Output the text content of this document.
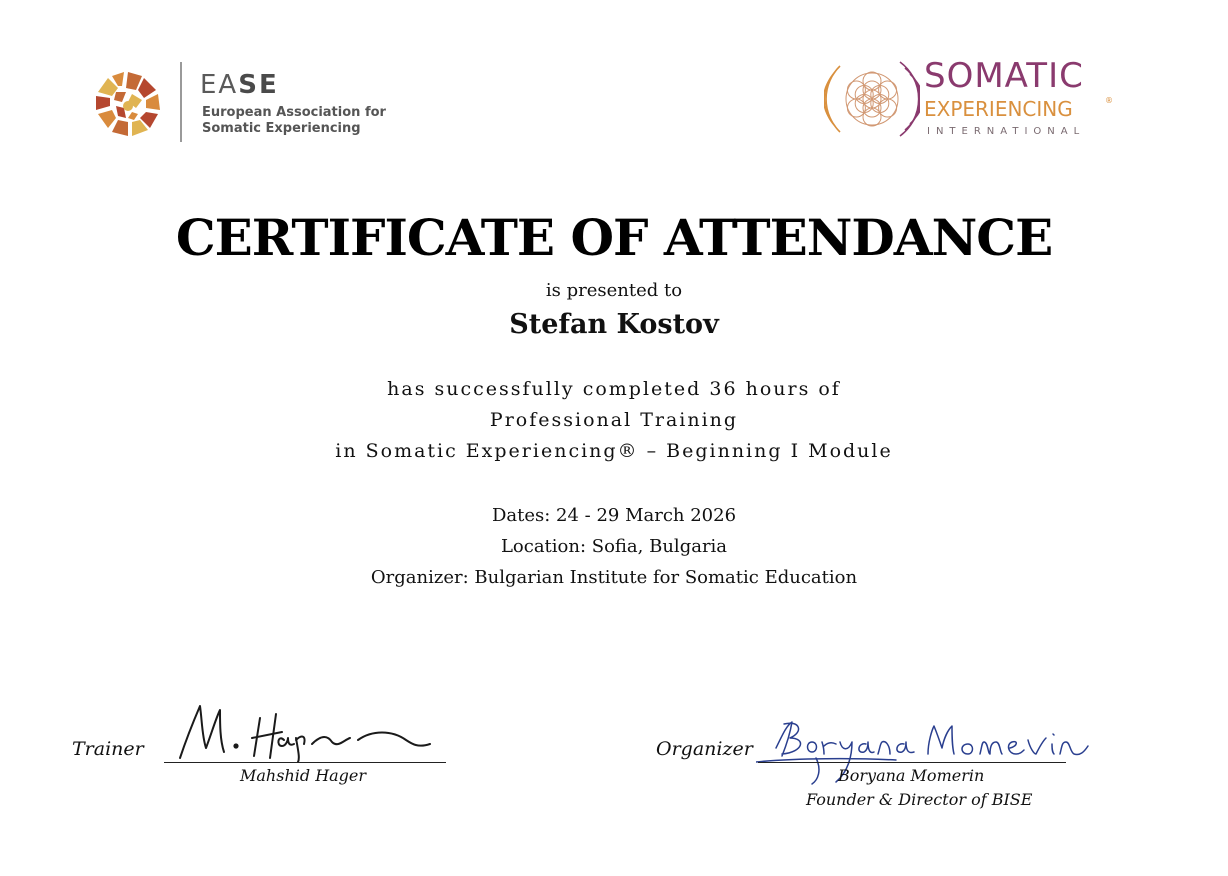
EASE
European Association for
Somatic Experiencing
SOMATIC
EXPERIENCING	®
INTERNATIONAL
CERTIFICATE OF ATTENDANCE
is presented to
Stefan Kostov
has successfully completed 36 hours of
Professional Training
in Somatic Experiencing® – Beginning I Module
Dates: 24 - 29 March 2026
Location: Sofia, Bulgaria
Organizer: Bulgarian Institute for Somatic Education
Trainer
Mahshid Hager
Organizer
Boryana Momerin
Founder & Director of BISE
